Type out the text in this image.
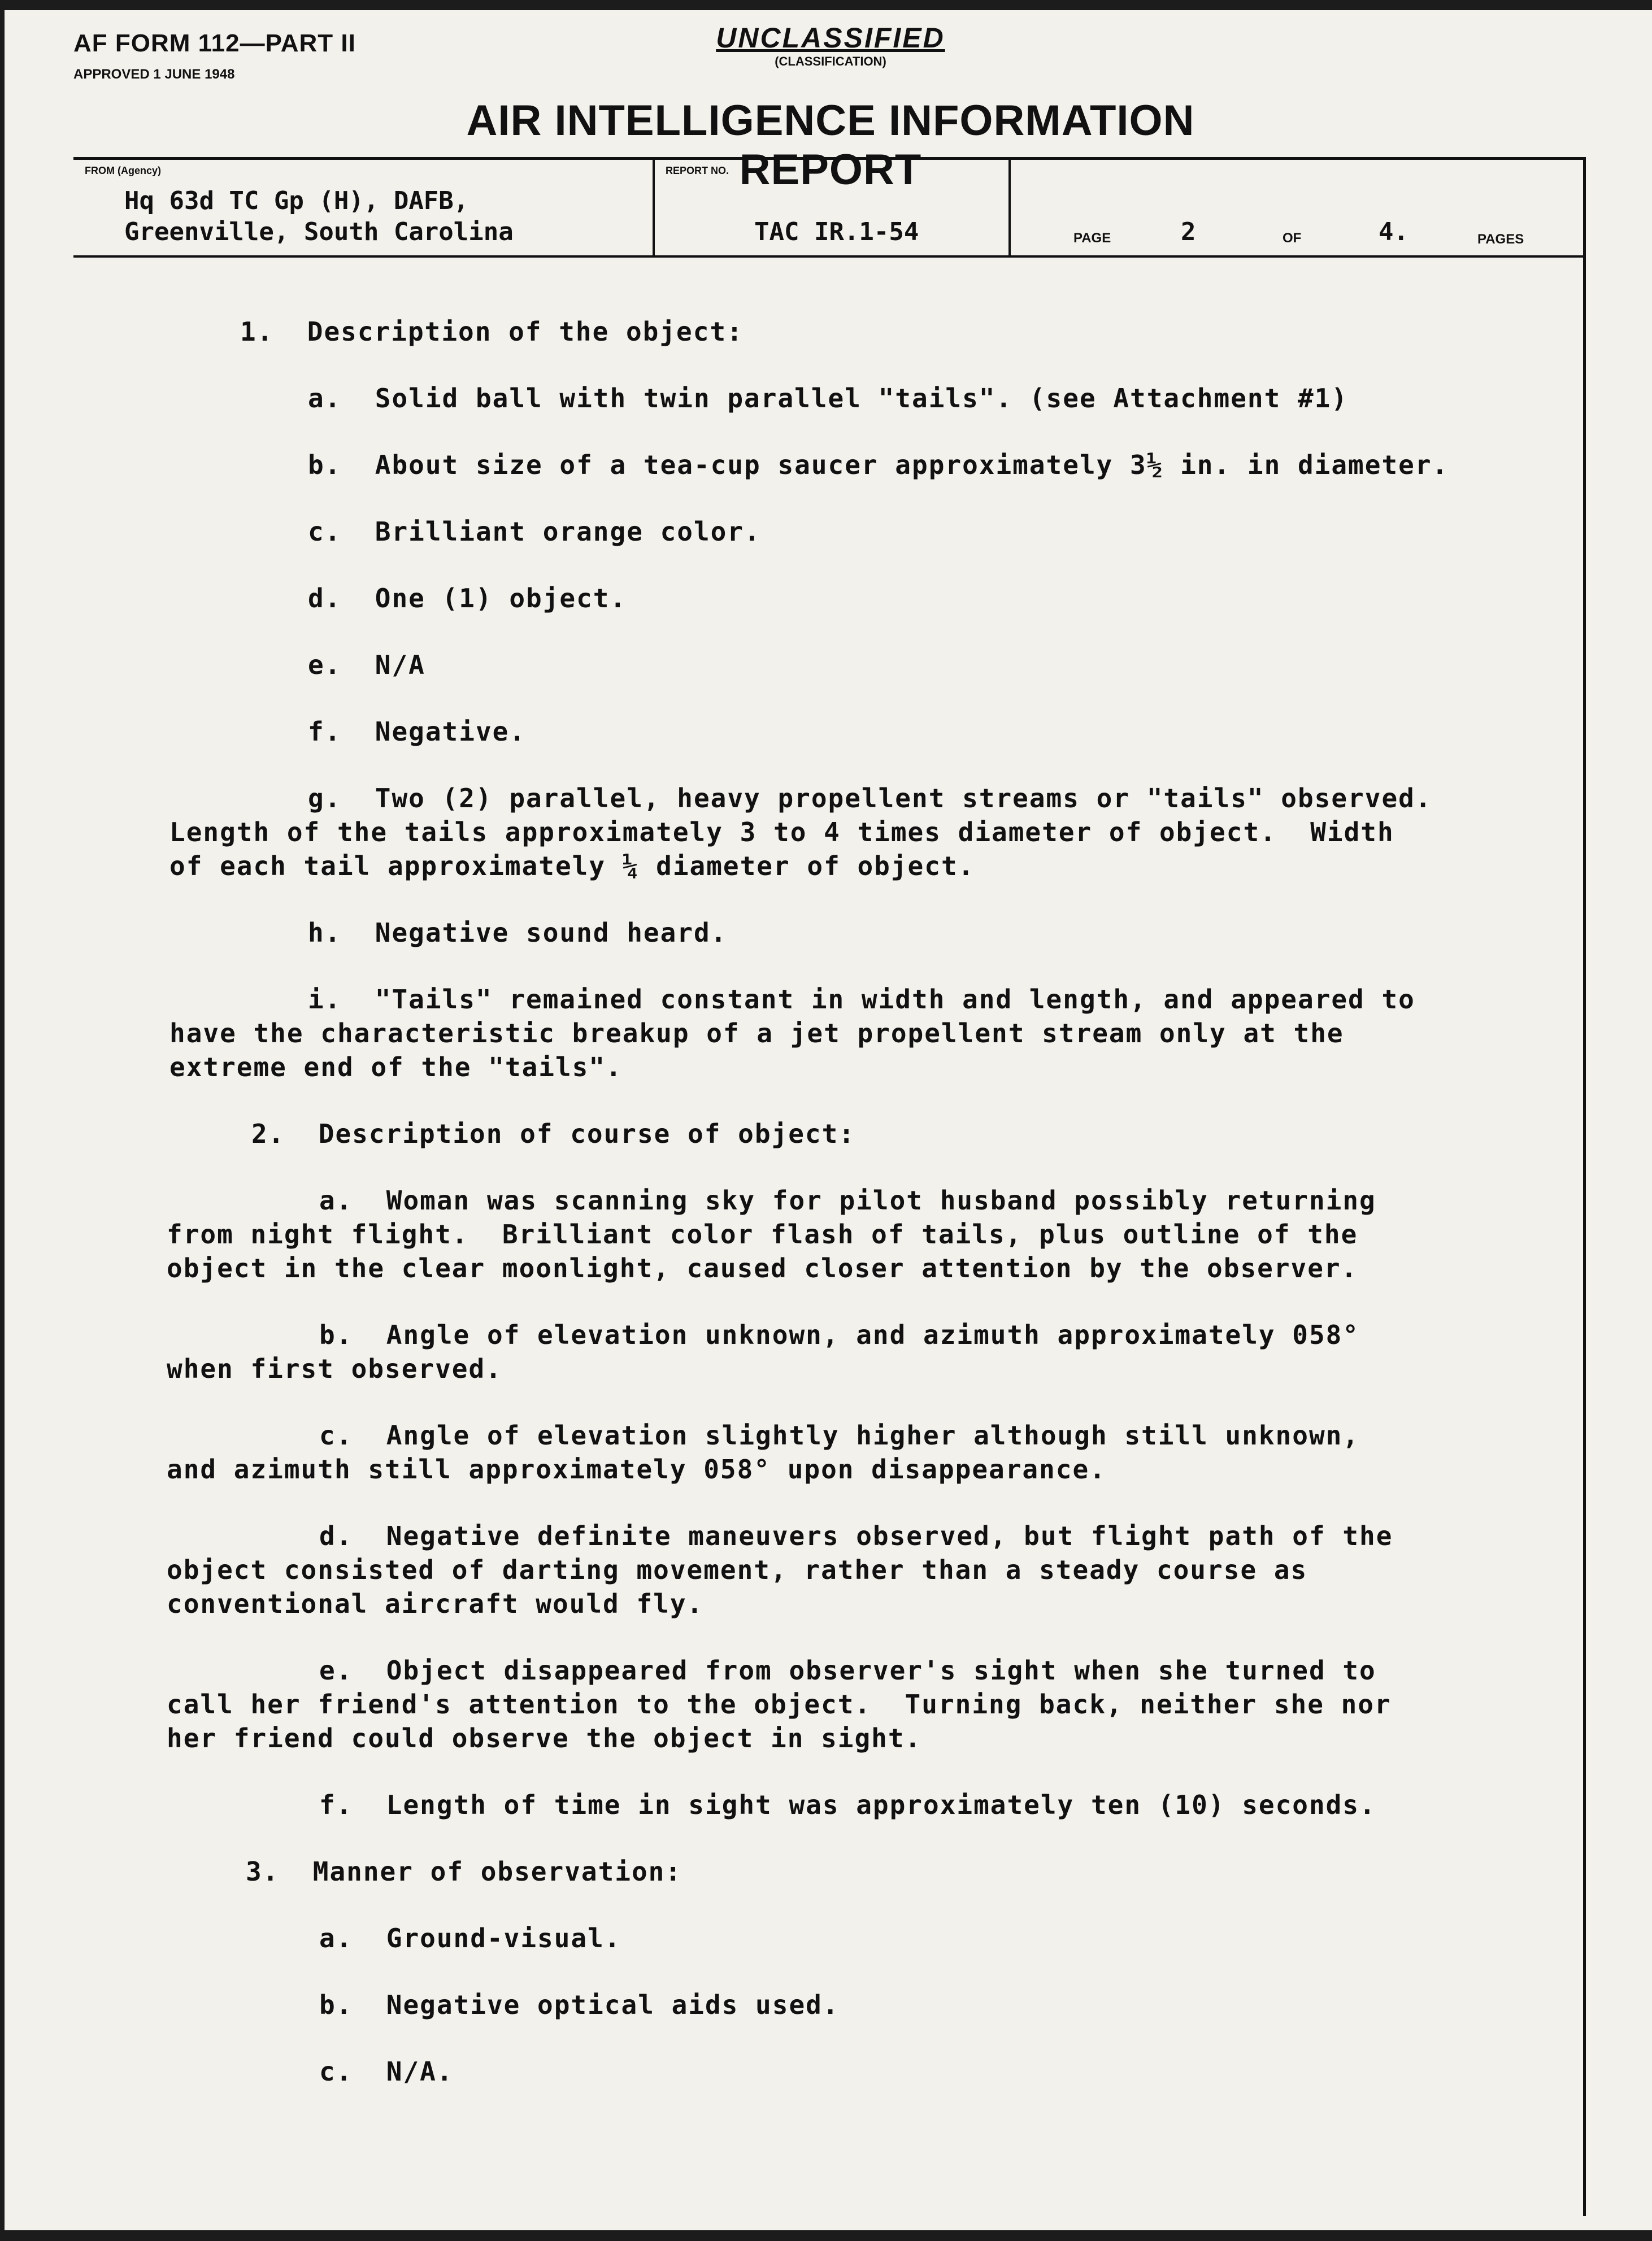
AF FORM 112—PART II
APPROVED 1 JUNE 1948
UNCLASSIFIED
(CLASSIFICATION)
AIR INTELLIGENCE INFORMATION REPORT
FROM (Agency)
Hq 63d TC Gp (H), DAFB,
Greenville, South Carolina
REPORT NO.
TAC IR.1-54	PAGE	2	OF	4.	PAGES
1.  Description of the object:
a.  Solid ball with twin parallel "tails". (see Attachment #1)
b.  About size of a tea-cup saucer approximately 3½ in. in diameter.
c.  Brilliant orange color.
d.  One (1) object.
e.  N/A
f.  Negative.
g.  Two (2) parallel, heavy propellent streams or "tails" observed.
Length of the tails approximately 3 to 4 times diameter of object.  Width
of each tail approximately ¼ diameter of object.
h.  Negative sound heard.
i.  "Tails" remained constant in width and length, and appeared to
have the characteristic breakup of a jet propellent stream only at the
extreme end of the "tails".
2.  Description of course of object:
a.  Woman was scanning sky for pilot husband possibly returning
from night flight.  Brilliant color flash of tails, plus outline of the
object in the clear moonlight, caused closer attention by the observer.
b.  Angle of elevation unknown, and azimuth approximately 058°
when first observed.
c.  Angle of elevation slightly higher although still unknown,
and azimuth still approximately 058° upon disappearance.
d.  Negative definite maneuvers observed, but flight path of the
object consisted of darting movement, rather than a steady course as
conventional aircraft would fly.
e.  Object disappeared from observer's sight when she turned to
call her friend's attention to the object.  Turning back, neither she nor
her friend could observe the object in sight.
f.  Length of time in sight was approximately ten (10) seconds.
3.  Manner of observation:
a.  Ground-visual.
b.  Negative optical aids used.
c.  N/A.
